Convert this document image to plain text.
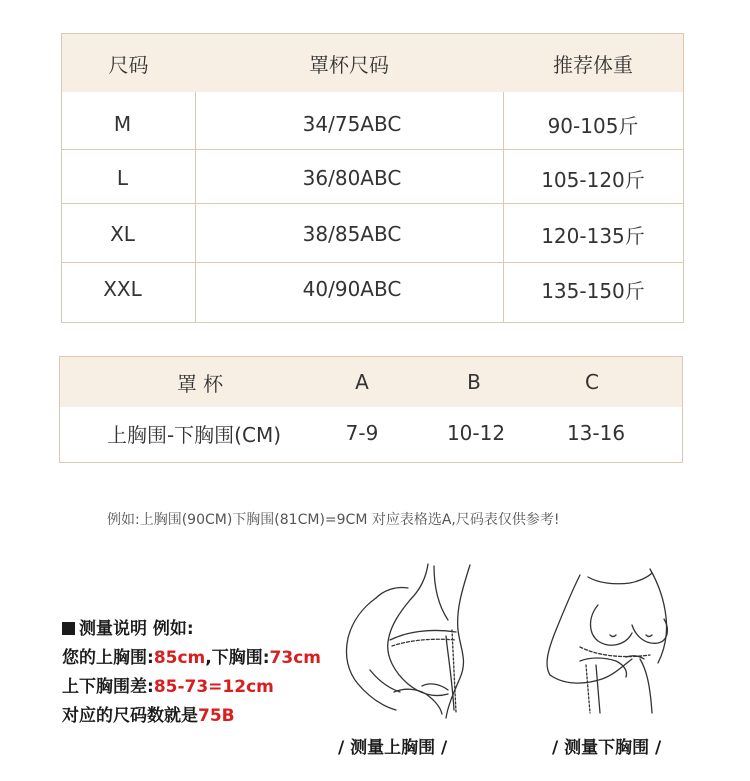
尺码	罩杯尺码	推荐体重
M	34/75ABC	90-105斤
L	36/80ABC	105-120斤
XL	38/85ABC	120-135斤
XXL	40/90ABC	135-150斤
罩 杯	A	B	C
上胸围-下胸围(CM)	7-9	10-12	13-16
例如:上胸围(90CM)下胸围(81CM)=9CM 对应表格选A,尺码表仅供参考!
测量说明 例如:
您的上胸围:85cm,下胸围:73cm
上下胸围差:85-73=12cm
对应的尺码数就是75B
/ 测量上胸围 /	/ 测量下胸围 /
